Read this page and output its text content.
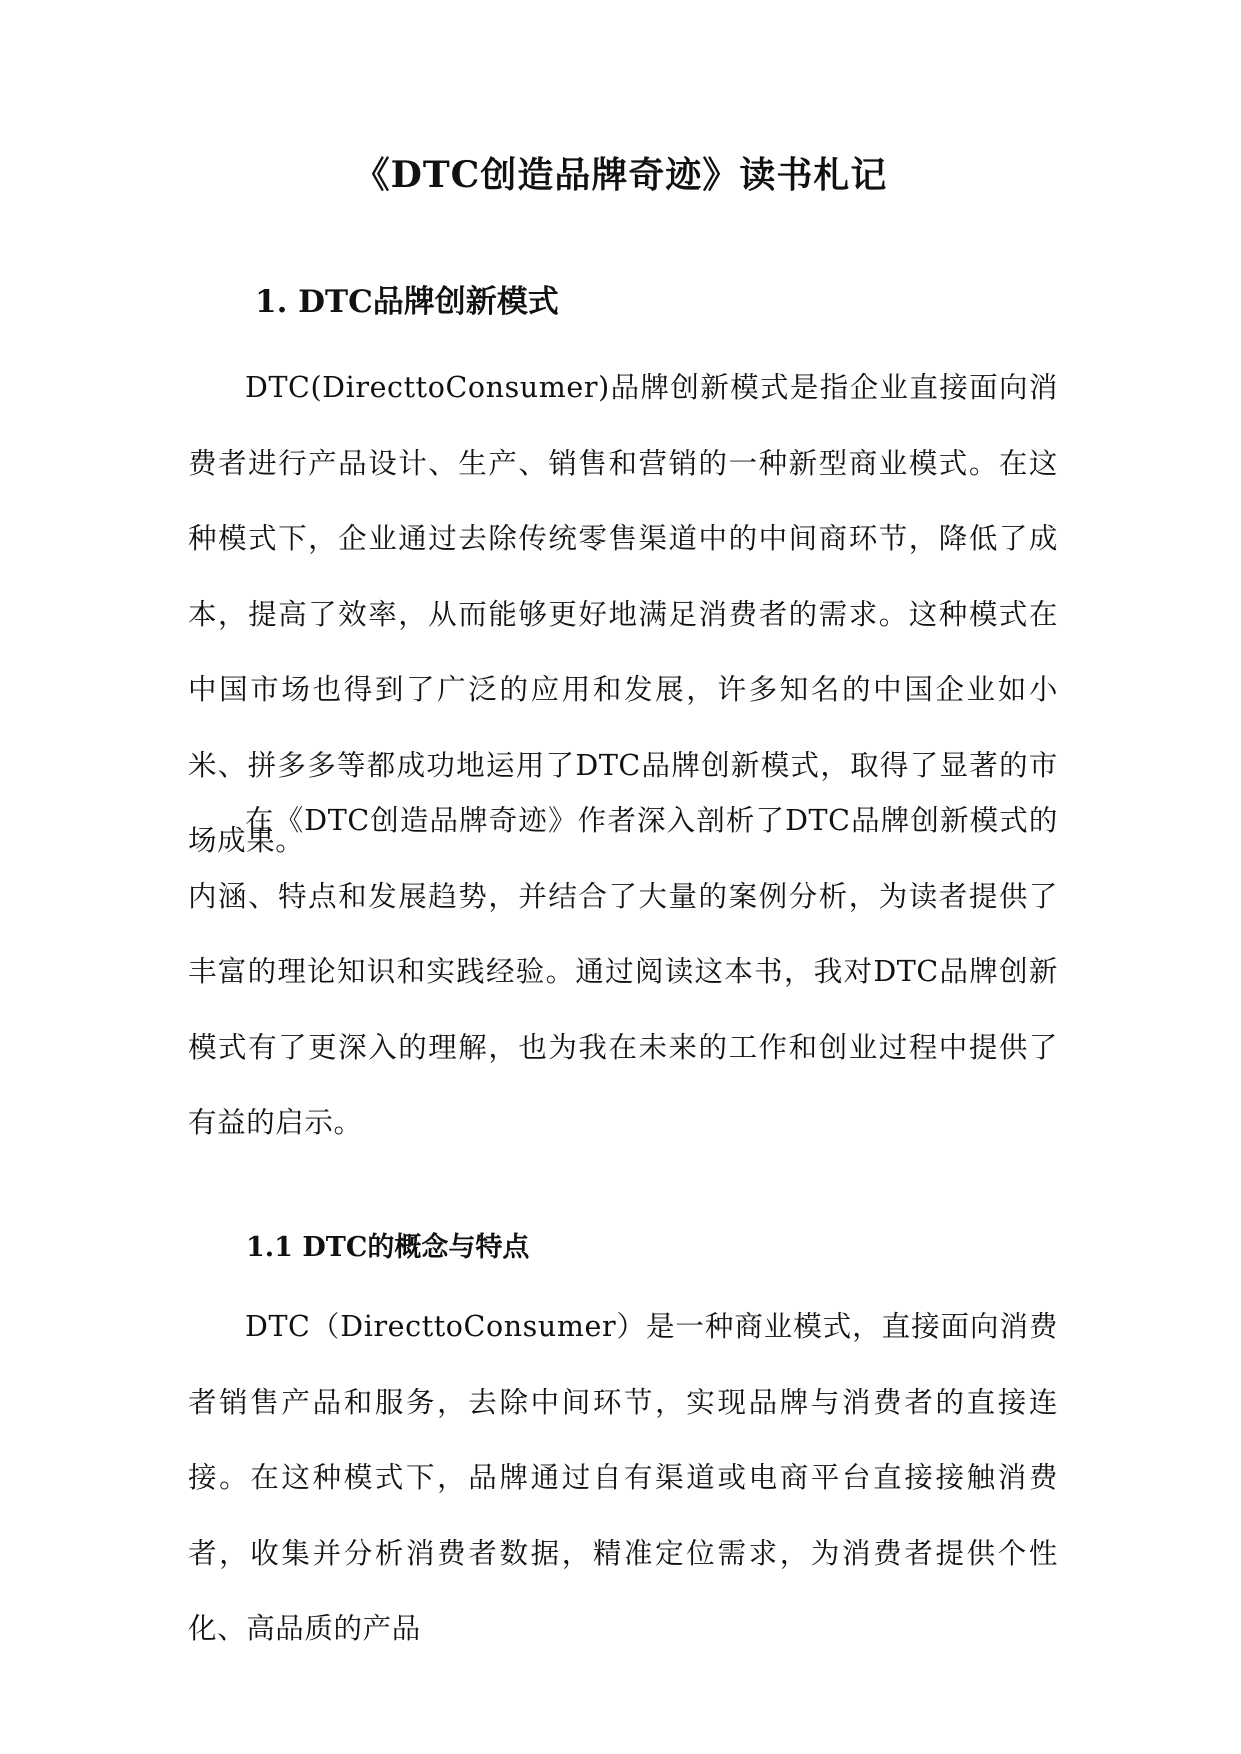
《DTC创造品牌奇迹》读书札记
1. DTC品牌创新模式

DTC(DirecttoConsumer)品牌创新模式是指企业直接面向消费者进行产品设计、生产、销售和营销的一种新型商业模式。在这种模式下，企业通过去除传统零售渠道中的中间商环节，降低了成本，提高了效率，从而能够更好地满足消费者的需求。这种模式在中国市场也得到了广泛的应用和发展，许多知名的中国企业如小米、拼多多等都成功地运用了DTC品牌创新模式，取得了显著的市场成果。

在《DTC创造品牌奇迹》作者深入剖析了DTC品牌创新模式的内涵、特点和发展趋势，并结合了大量的案例分析，为读者提供了丰富的理论知识和实践经验。通过阅读这本书，我对DTC品牌创新模式有了更深入的理解，也为我在未来的工作和创业过程中提供了有益的启示。

1.1 DTC的概念与特点

DTC（DirecttoConsumer）是一种商业模式，直接面向消费者销售产品和服务，去除中间环节，实现品牌与消费者的直接连接。在这种模式下，品牌通过自有渠道或电商平台直接接触消费者，收集并分析消费者数据，精准定位需求，为消费者提供个性化、高品质的产品
